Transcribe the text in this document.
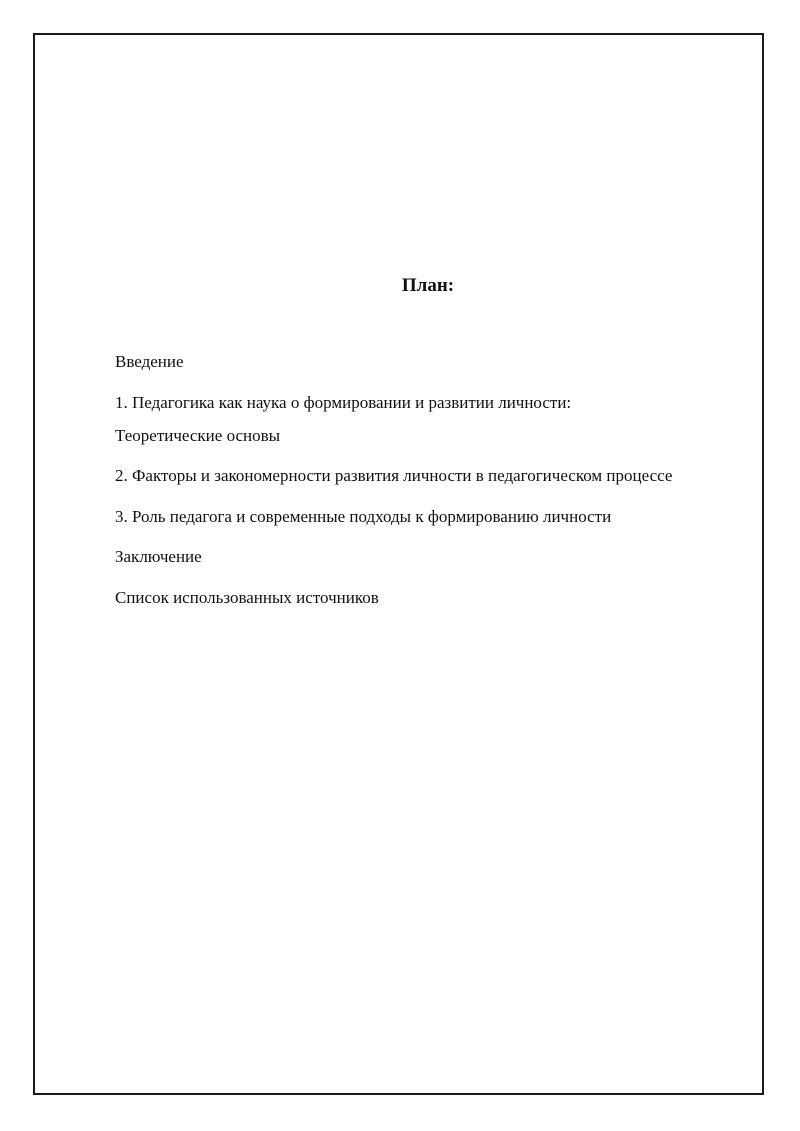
План:
Введение
1. Педагогика как наука о формировании и развитии личности:
Теоретические основы
2. Факторы и закономерности развития личности в педагогическом процессе
3. Роль педагога и современные подходы к формированию личности
Заключение
Список использованных источников
